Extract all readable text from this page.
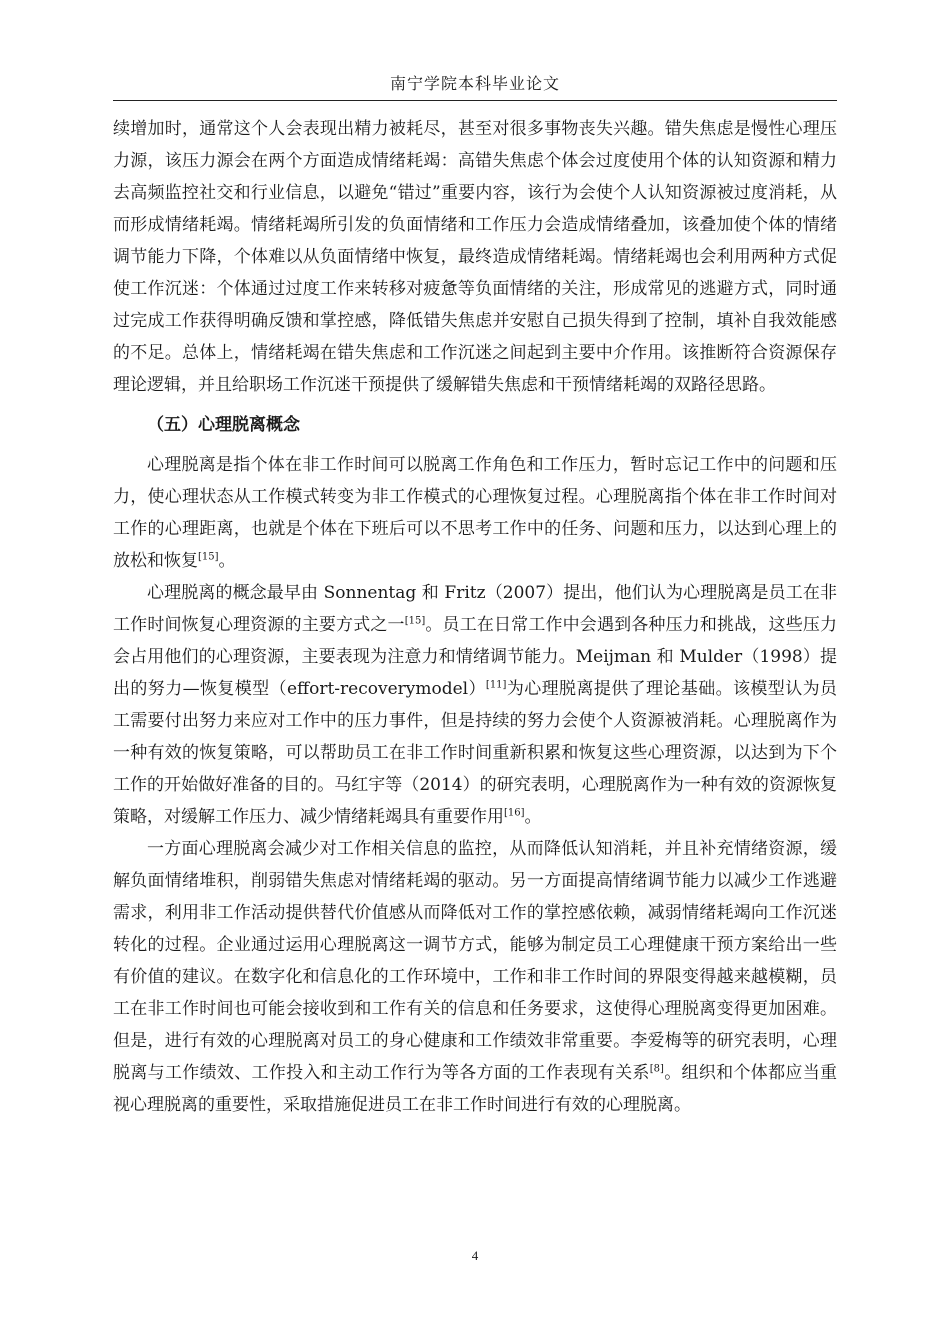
南宁学院本科毕业论文

续增加时，通常这个人会表现出精力被耗尽，甚至对很多事物丧失兴趣。错失焦虑是慢性心理压力源，该压力源会在两个方面造成情绪耗竭：高错失焦虑个体会过度使用个体的认知资源和精力去高频监控社交和行业信息，以避免“错过”重要内容，该行为会使个人认知资源被过度消耗，从而形成情绪耗竭。情绪耗竭所引发的负面情绪和工作压力会造成情绪叠加，该叠加使个体的情绪调节能力下降，个体难以从负面情绪中恢复，最终造成情绪耗竭。情绪耗竭也会利用两种方式促使工作沉迷：个体通过过度工作来转移对疲惫等负面情绪的关注，形成常见的逃避方式，同时通过完成工作获得明确反馈和掌控感，降低错失焦虑并安慰自己损失得到了控制，填补自我效能感的不足。总体上，情绪耗竭在错失焦虑和工作沉迷之间起到主要中介作用。该推断符合资源保存理论逻辑，并且给职场工作沉迷干预提供了缓解错失焦虑和干预情绪耗竭的双路径思路。

（五）心理脱离概念

心理脱离是指个体在非工作时间可以脱离工作角色和工作压力，暂时忘记工作中的问题和压力，使心理状态从工作模式转变为非工作模式的心理恢复过程。心理脱离指个体在非工作时间对工作的心理距离，也就是个体在下班后可以不思考工作中的任务、问题和压力，以达到心理上的放松和恢复[15]。

心理脱离的概念最早由 Sonnentag 和 Fritz（2007）提出，他们认为心理脱离是员工在非工作时间恢复心理资源的主要方式之一[15]。员工在日常工作中会遇到各种压力和挑战，这些压力会占用他们的心理资源，主要表现为注意力和情绪调节能力。Meijman 和 Mulder（1998）提出的努力—恢复模型（effort-recoverymodel）[11]为心理脱离提供了理论基础。该模型认为员工需要付出努力来应对工作中的压力事件，但是持续的努力会使个人资源被消耗。心理脱离作为一种有效的恢复策略，可以帮助员工在非工作时间重新积累和恢复这些心理资源，以达到为下个工作的开始做好准备的目的。马红宇等（2014）的研究表明，心理脱离作为一种有效的资源恢复策略，对缓解工作压力、减少情绪耗竭具有重要作用[16]。

一方面心理脱离会减少对工作相关信息的监控，从而降低认知消耗，并且补充情绪资源，缓解负面情绪堆积，削弱错失焦虑对情绪耗竭的驱动。另一方面提高情绪调节能力以减少工作逃避需求，利用非工作活动提供替代价值感从而降低对工作的掌控感依赖，减弱情绪耗竭向工作沉迷转化的过程。企业通过运用心理脱离这一调节方式，能够为制定员工心理健康干预方案给出一些有价值的建议。在数字化和信息化的工作环境中，工作和非工作时间的界限变得越来越模糊，员工在非工作时间也可能会接收到和工作有关的信息和任务要求，这使得心理脱离变得更加困难。但是，进行有效的心理脱离对员工的身心健康和工作绩效非常重要。李爱梅等的研究表明，心理脱离与工作绩效、工作投入和主动工作行为等各方面的工作表现有关系[8]。组织和个体都应当重视心理脱离的重要性，采取措施促进员工在非工作时间进行有效的心理脱离。

4
